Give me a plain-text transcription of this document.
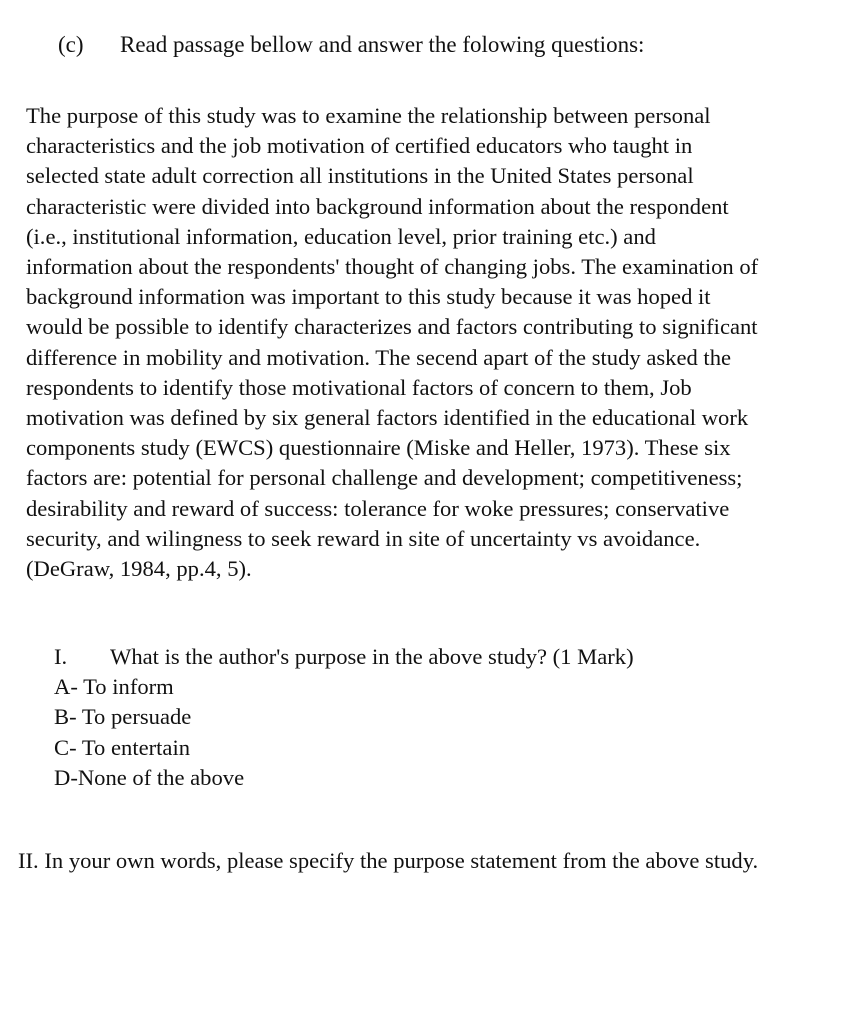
(c) Read passage bellow and answer the folowing questions:
The purpose of this study was to examine the relationship between personal
characteristics and the job motivation of certified educators who taught in
selected state adult correction all institutions in the United States personal
characteristic were divided into background information about the respondent
(i.e., institutional information, education level, prior training etc.) and
information about the respondents' thought of changing jobs. The examination of
background information was important to this study because it was hoped it
would be possible to identify characterizes and factors contributing to significant
difference in mobility and motivation. The secend apart of the study asked the
respondents to identify those motivational factors of concern to them, Job
motivation was defined by six general factors identified in the educational work
components study (EWCS) questionnaire (Miske and Heller, 1973). These six
factors are: potential for personal challenge and development; competitiveness;
desirability and reward of success: tolerance for woke pressures; conservative
security, and wilingness to seek reward in site of uncertainty vs avoidance.
(DeGraw, 1984, pp.4, 5).
I. What is the author's purpose in the above study? (1 Mark)
A- To inform
B- To persuade
C- To entertain
D-None of the above
II. In your own words, please specify the purpose statement from the above study.
